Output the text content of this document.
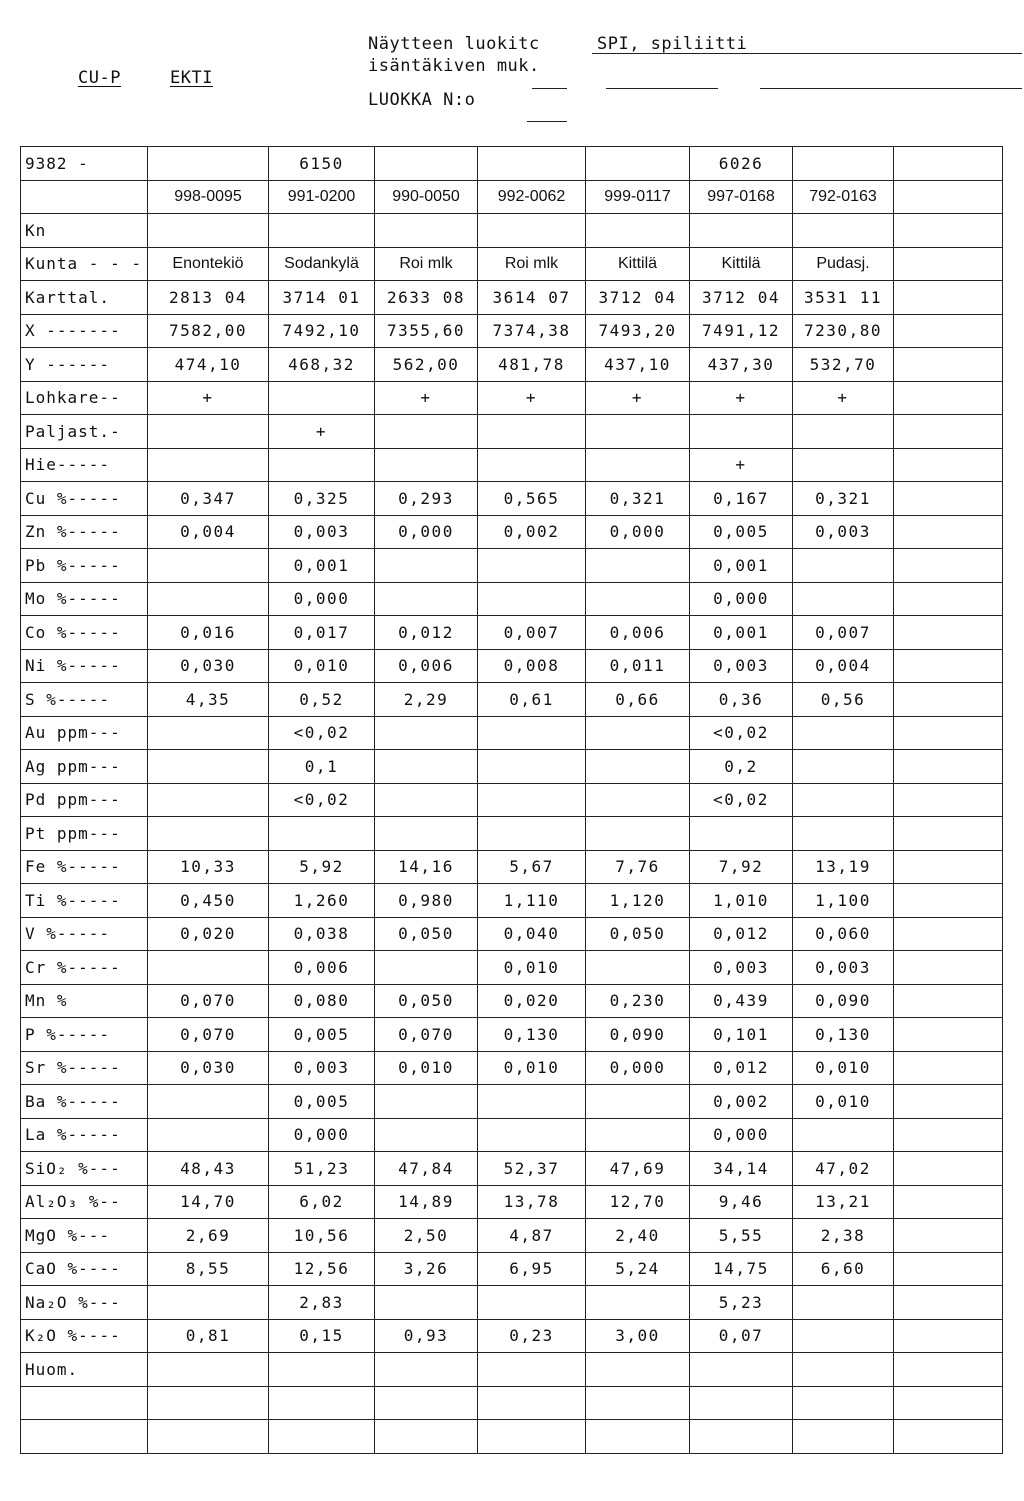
CU-P	EKTI
Näytteen luokitc	SPI, spiliitti
isäntäkiven muk.
LUOKKA N:o
9382 -		6150				6026		
	998-0095	991-0200	990-0050	992-0062	999-0117	997-0168	792-0163	
Kn								
Kunta - - -	Enontekiö	Sodankylä	Roi mlk	Roi mlk	Kittilä	Kittilä	Pudasj.	
Karttal.	2813 04	3714 01	2633 08	3614 07	3712 04	3712 04	3531 11	
X -------	7582,00	7492,10	7355,60	7374,38	7493,20	7491,12	7230,80	
Y ------	474,10	468,32	562,00	481,78	437,10	437,30	532,70	
Lohkare--	+		+	+	+	+	+	
Paljast.-		+						
Hie-----						+		
Cu %-----	0,347	0,325	0,293	0,565	0,321	0,167	0,321	
Zn %-----	0,004	0,003	0,000	0,002	0,000	0,005	0,003	
Pb %-----		0,001				0,001		
Mo %-----		0,000				0,000		
Co %-----	0,016	0,017	0,012	0,007	0,006	0,001	0,007	
Ni %-----	0,030	0,010	0,006	0,008	0,011	0,003	0,004	
S %-----	4,35	0,52	2,29	0,61	0,66	0,36	0,56	
Au ppm---		<0,02				<0,02		
Ag ppm---		0,1				0,2		
Pd ppm---		<0,02				<0,02		
Pt ppm---								
Fe %-----	10,33	5,92	14,16	5,67	7,76	7,92	13,19	
Ti %-----	0,450	1,260	0,980	1,110	1,120	1,010	1,100	
V %-----	0,020	0,038	0,050	0,040	0,050	0,012	0,060	
Cr %-----		0,006		0,010		0,003	0,003	
Mn %	0,070	0,080	0,050	0,020	0,230	0,439	0,090	
P %-----	0,070	0,005	0,070	0,130	0,090	0,101	0,130	
Sr %-----	0,030	0,003	0,010	0,010	0,000	0,012	0,010	
Ba %-----		0,005				0,002	0,010	
La %-----		0,000				0,000		
SiO₂ %---	48,43	51,23	47,84	52,37	47,69	34,14	47,02	
Al₂O₃ %--	14,70	6,02	14,89	13,78	12,70	9,46	13,21	
MgO %---	2,69	10,56	2,50	4,87	2,40	5,55	2,38	
CaO %----	8,55	12,56	3,26	6,95	5,24	14,75	6,60	
Na₂O %---		2,83				5,23		
K₂O %----	0,81	0,15	0,93	0,23	3,00	0,07		
Huom.								
